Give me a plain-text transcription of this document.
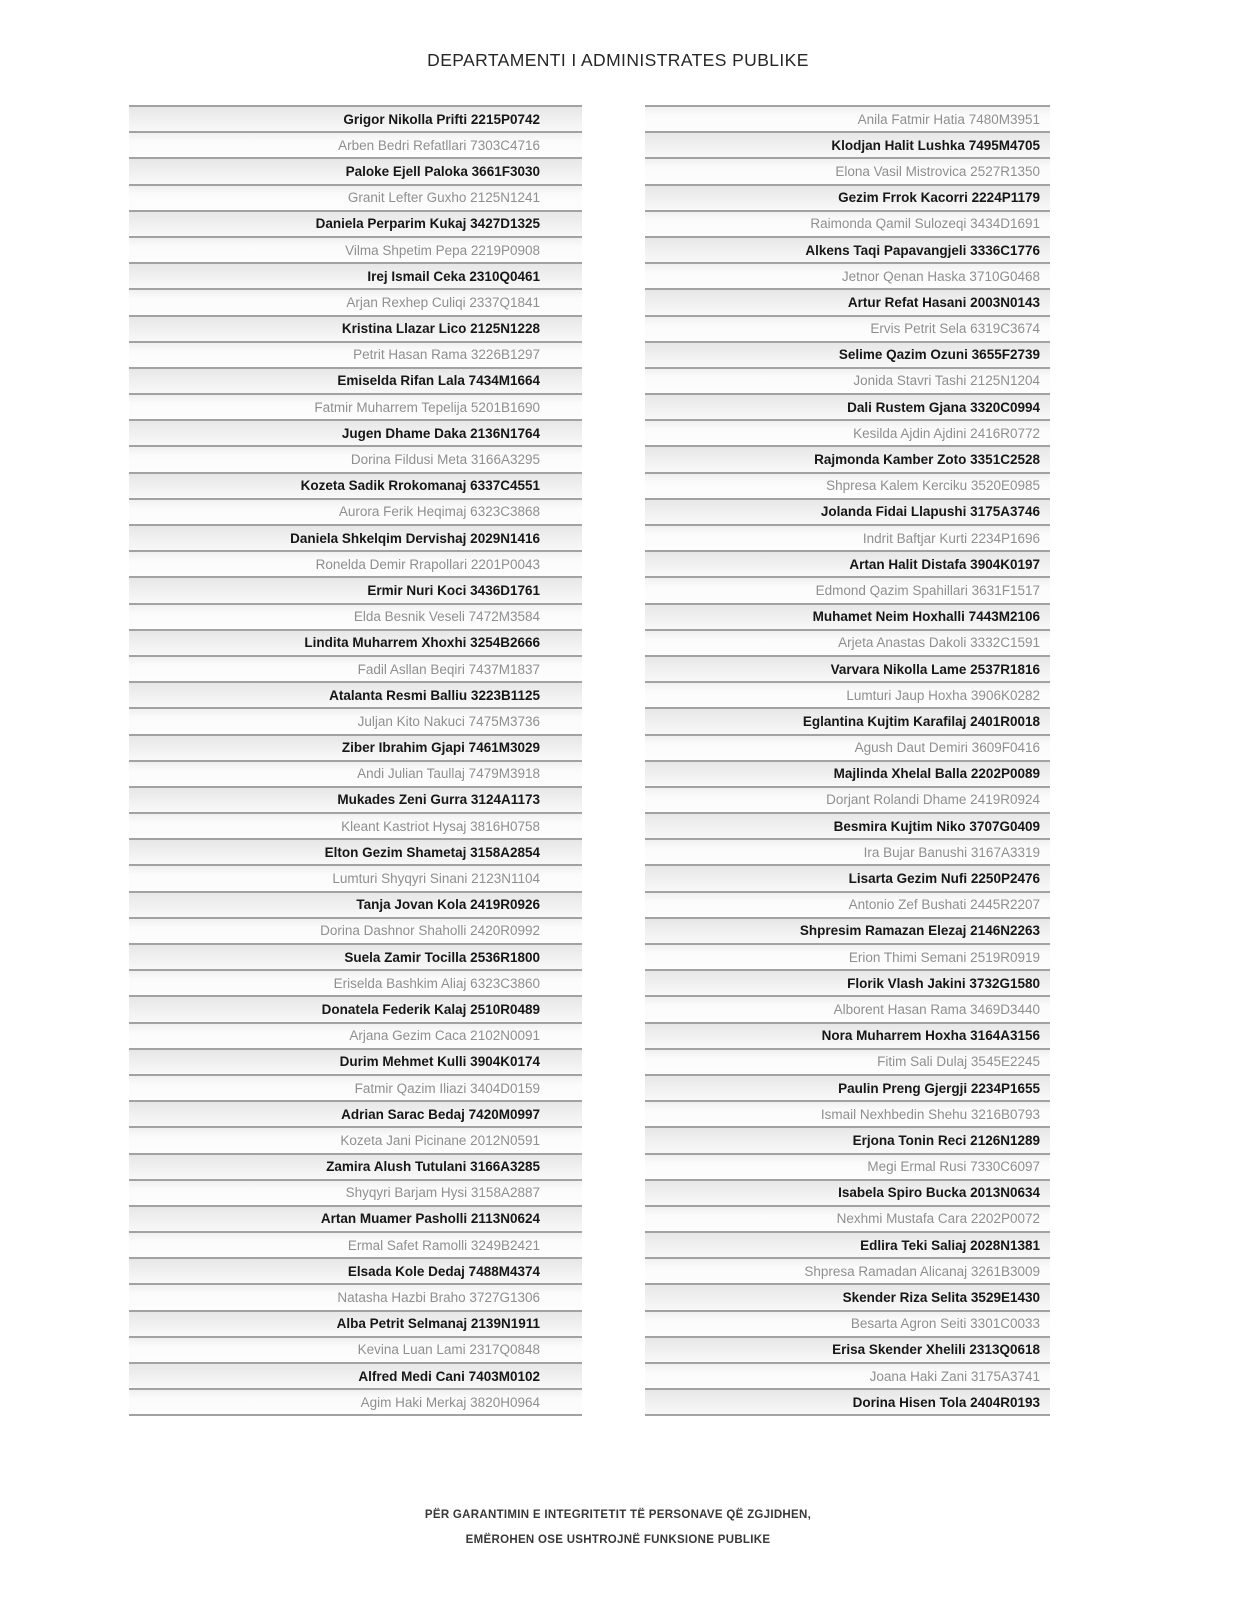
DEPARTAMENTI I ADMINISTRATES PUBLIKE
Grigor Nikolla Prifti 2215P0742
Arben Bedri Refatllari 7303C4716
Paloke Ejell Paloka 3661F3030
Granit Lefter Guxho 2125N1241
Daniela Perparim Kukaj 3427D1325
Vilma Shpetim Pepa 2219P0908
Irej Ismail Ceka 2310Q0461
Arjan Rexhep Culiqi 2337Q1841
Kristina Llazar Lico 2125N1228
Petrit Hasan Rama 3226B1297
Emiselda Rifan Lala 7434M1664
Fatmir Muharrem Tepelija 5201B1690
Jugen Dhame Daka 2136N1764
Dorina Fildusi Meta 3166A3295
Kozeta Sadik Rrokomanaj 6337C4551
Aurora Ferik Heqimaj 6323C3868
Daniela Shkelqim Dervishaj 2029N1416
Ronelda Demir Rrapollari 2201P0043
Ermir Nuri Koci 3436D1761
Elda Besnik Veseli 7472M3584
Lindita Muharrem Xhoxhi 3254B2666
Fadil Asllan Beqiri 7437M1837
Atalanta Resmi Balliu 3223B1125
Juljan Kito Nakuci 7475M3736
Ziber Ibrahim Gjapi 7461M3029
Andi Julian Taullaj 7479M3918
Mukades Zeni Gurra 3124A1173
Kleant Kastriot Hysaj 3816H0758
Elton Gezim Shametaj 3158A2854
Lumturi Shyqyri Sinani 2123N1104
Tanja Jovan Kola 2419R0926
Dorina Dashnor Shaholli 2420R0992
Suela Zamir Tocilla 2536R1800
Eriselda Bashkim Aliaj 6323C3860
Donatela Federik Kalaj 2510R0489
Arjana Gezim Caca 2102N0091
Durim Mehmet Kulli 3904K0174
Fatmir Qazim Iliazi 3404D0159
Adrian Sarac Bedaj 7420M0997
Kozeta Jani Picinane 2012N0591
Zamira Alush Tutulani 3166A3285
Shyqyri Barjam Hysi 3158A2887
Artan Muamer Pasholli 2113N0624
Ermal Safet Ramolli 3249B2421
Elsada Kole Dedaj 7488M4374
Natasha Hazbi Braho 3727G1306
Alba Petrit Selmanaj 2139N1911
Kevina Luan Lami 2317Q0848
Alfred Medi Cani 7403M0102
Agim Haki Merkaj 3820H0964
Anila Fatmir Hatia 7480M3951
Klodjan Halit Lushka 7495M4705
Elona Vasil Mistrovica 2527R1350
Gezim Frrok Kacorri 2224P1179
Raimonda Qamil Sulozeqi 3434D1691
Alkens Taqi Papavangjeli 3336C1776
Jetnor Qenan Haska 3710G0468
Artur Refat Hasani 2003N0143
Ervis Petrit Sela 6319C3674
Selime Qazim Ozuni 3655F2739
Jonida Stavri Tashi 2125N1204
Dali Rustem Gjana 3320C0994
Kesilda Ajdin Ajdini 2416R0772
Rajmonda Kamber Zoto 3351C2528
Shpresa Kalem Kerciku 3520E0985
Jolanda Fidai Llapushi 3175A3746
Indrit Baftjar Kurti 2234P1696
Artan Halit Distafa 3904K0197
Edmond Qazim Spahillari 3631F1517
Muhamet Neim Hoxhalli 7443M2106
Arjeta Anastas Dakoli 3332C1591
Varvara Nikolla Lame 2537R1816
Lumturi Jaup Hoxha 3906K0282
Eglantina Kujtim Karafilaj 2401R0018
Agush Daut Demiri 3609F0416
Majlinda Xhelal Balla 2202P0089
Dorjant Rolandi Dhame 2419R0924
Besmira Kujtim Niko 3707G0409
Ira Bujar Banushi 3167A3319
Lisarta Gezim Nufi 2250P2476
Antonio Zef Bushati 2445R2207
Shpresim Ramazan Elezaj 2146N2263
Erion Thimi Semani 2519R0919
Florik Vlash Jakini 3732G1580
Alborent Hasan Rama 3469D3440
Nora Muharrem Hoxha 3164A3156
Fitim Sali Dulaj 3545E2245
Paulin Preng Gjergji 2234P1655
Ismail Nexhbedin Shehu 3216B0793
Erjona Tonin Reci 2126N1289
Megi Ermal Rusi 7330C6097
Isabela Spiro Bucka 2013N0634
Nexhmi Mustafa Cara 2202P0072
Edlira Teki Saliaj 2028N1381
Shpresa Ramadan Alicanaj 3261B3009
Skender Riza Selita 3529E1430
Besarta Agron Seiti 3301C0033
Erisa Skender Xhelili 2313Q0618
Joana Haki Zani 3175A3741
Dorina Hisen Tola 2404R0193
PËR GARANTIMIN E INTEGRITETIT TË PERSONAVE QË ZGJIDHEN,
EMËROHEN OSE USHTROJNË FUNKSIONE PUBLIKE
